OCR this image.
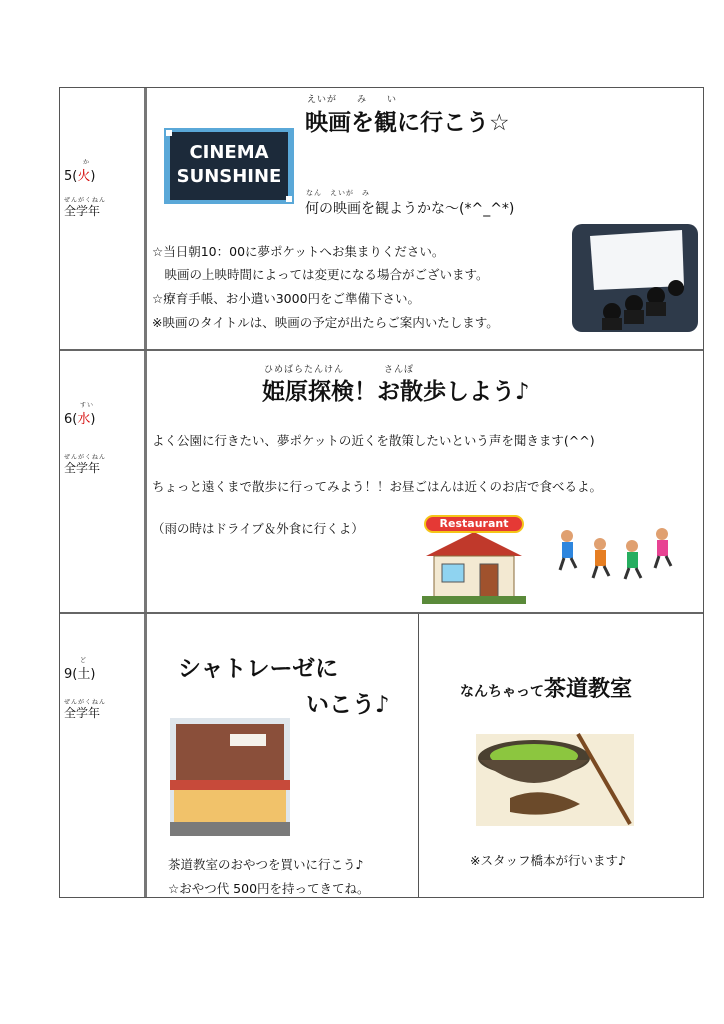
か
5(火)
ぜんがくねん
全学年
えいが　　み　　い
映画を観に行こう☆
CINEMA
SUNSHINE
なん　えいが　み
何の映画を観ようかな～(*^_^*)
☆当日朝10：00に夢ポケットへお集まりください。
　映画の上映時間によっては変更になる場合がございます。
☆療育手帳、お小遣い3000円をご準備下さい。
※映画のタイトルは、映画の予定が出たらご案内いたします。
すい
6(水)
ぜんがくねん
全学年
ひめばらたんけん　　　　さんぽ
姫原探検！お散歩しよう♪
よく公園に行きたい、夢ポケットの近くを散策したいという声を聞きます(^^)
ちょっと遠くまで散歩に行ってみよう！！お昼ごはんは近くのお店で食べるよ。
（雨の時はドライブ＆外食に行くよ）	Restaurant
ど
9(土)
ぜんがくねん
全学年
シャトレーゼに
いこう♪
茶道教室のおやつを買いに行こう♪
☆おやつ代 500円を持ってきてね。
なんちゃって茶道教室
※スタッフ橋本が行います♪
